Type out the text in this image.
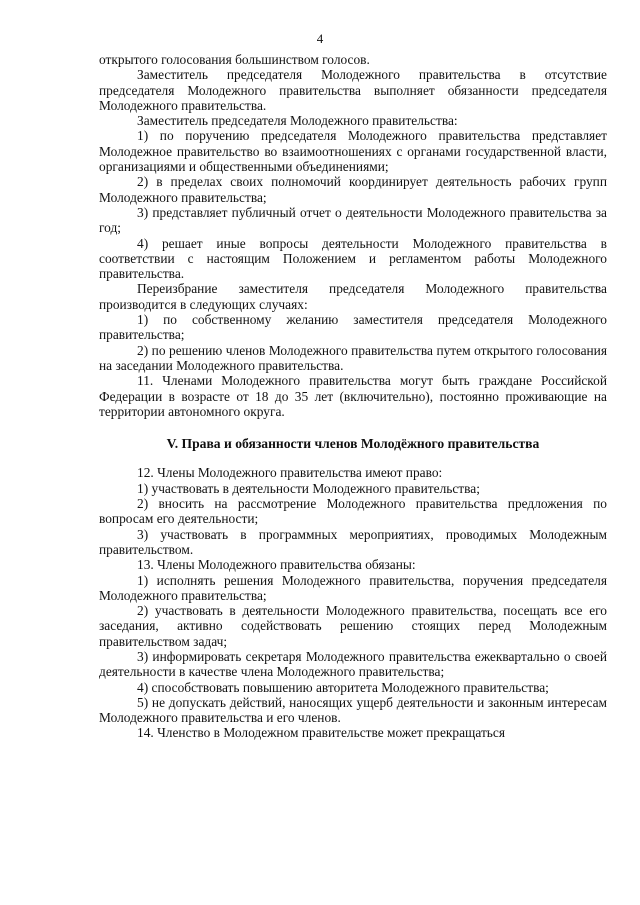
4

открытого голосования большинством голосов.

Заместитель председателя Молодежного правительства в отсутствие председателя Молодежного правительства выполняет обязанности председателя Молодежного правительства.

Заместитель председателя Молодежного правительства:

1) по поручению председателя Молодежного правительства представляет Молодежное правительство во взаимоотношениях с органами государственной власти, организациями и общественными объединениями;

2) в пределах своих полномочий координирует деятельность рабочих групп Молодежного правительства;

3) представляет публичный отчет о деятельности Молодежного правительства за год;

4) решает иные вопросы деятельности Молодежного правительства в соответствии с настоящим Положением и регламентом работы Молодежного правительства.

Переизбрание заместителя председателя Молодежного правительства производится в следующих случаях:

1) по собственному желанию заместителя председателя Молодежного правительства;

2) по решению членов Молодежного правительства путем открытого голосования на заседании Молодежного правительства.

11. Членами Молодежного правительства могут быть граждане Российской Федерации в возрасте от 18 до 35 лет (включительно), постоянно проживающие на территории автономного округа.

V. Права и обязанности членов Молодёжного правительства

12. Члены Молодежного правительства имеют право:

1) участвовать в деятельности Молодежного правительства;

2) вносить на рассмотрение Молодежного правительства предложения по вопросам его деятельности;

3) участвовать в программных мероприятиях, проводимых Молодежным правительством.

13. Члены Молодежного правительства обязаны:

1) исполнять решения Молодежного правительства, поручения председателя Молодежного правительства;

2) участвовать в деятельности Молодежного правительства, посещать все его заседания, активно содействовать решению стоящих перед Молодежным правительством задач;

3) информировать секретаря Молодежного правительства ежеквартально о своей деятельности в качестве члена Молодежного правительства;

4) способствовать повышению авторитета Молодежного правительства;

5) не допускать действий, наносящих ущерб деятельности и законным интересам Молодежного правительства и его членов.

14. Членство в Молодежном правительстве может прекращаться
